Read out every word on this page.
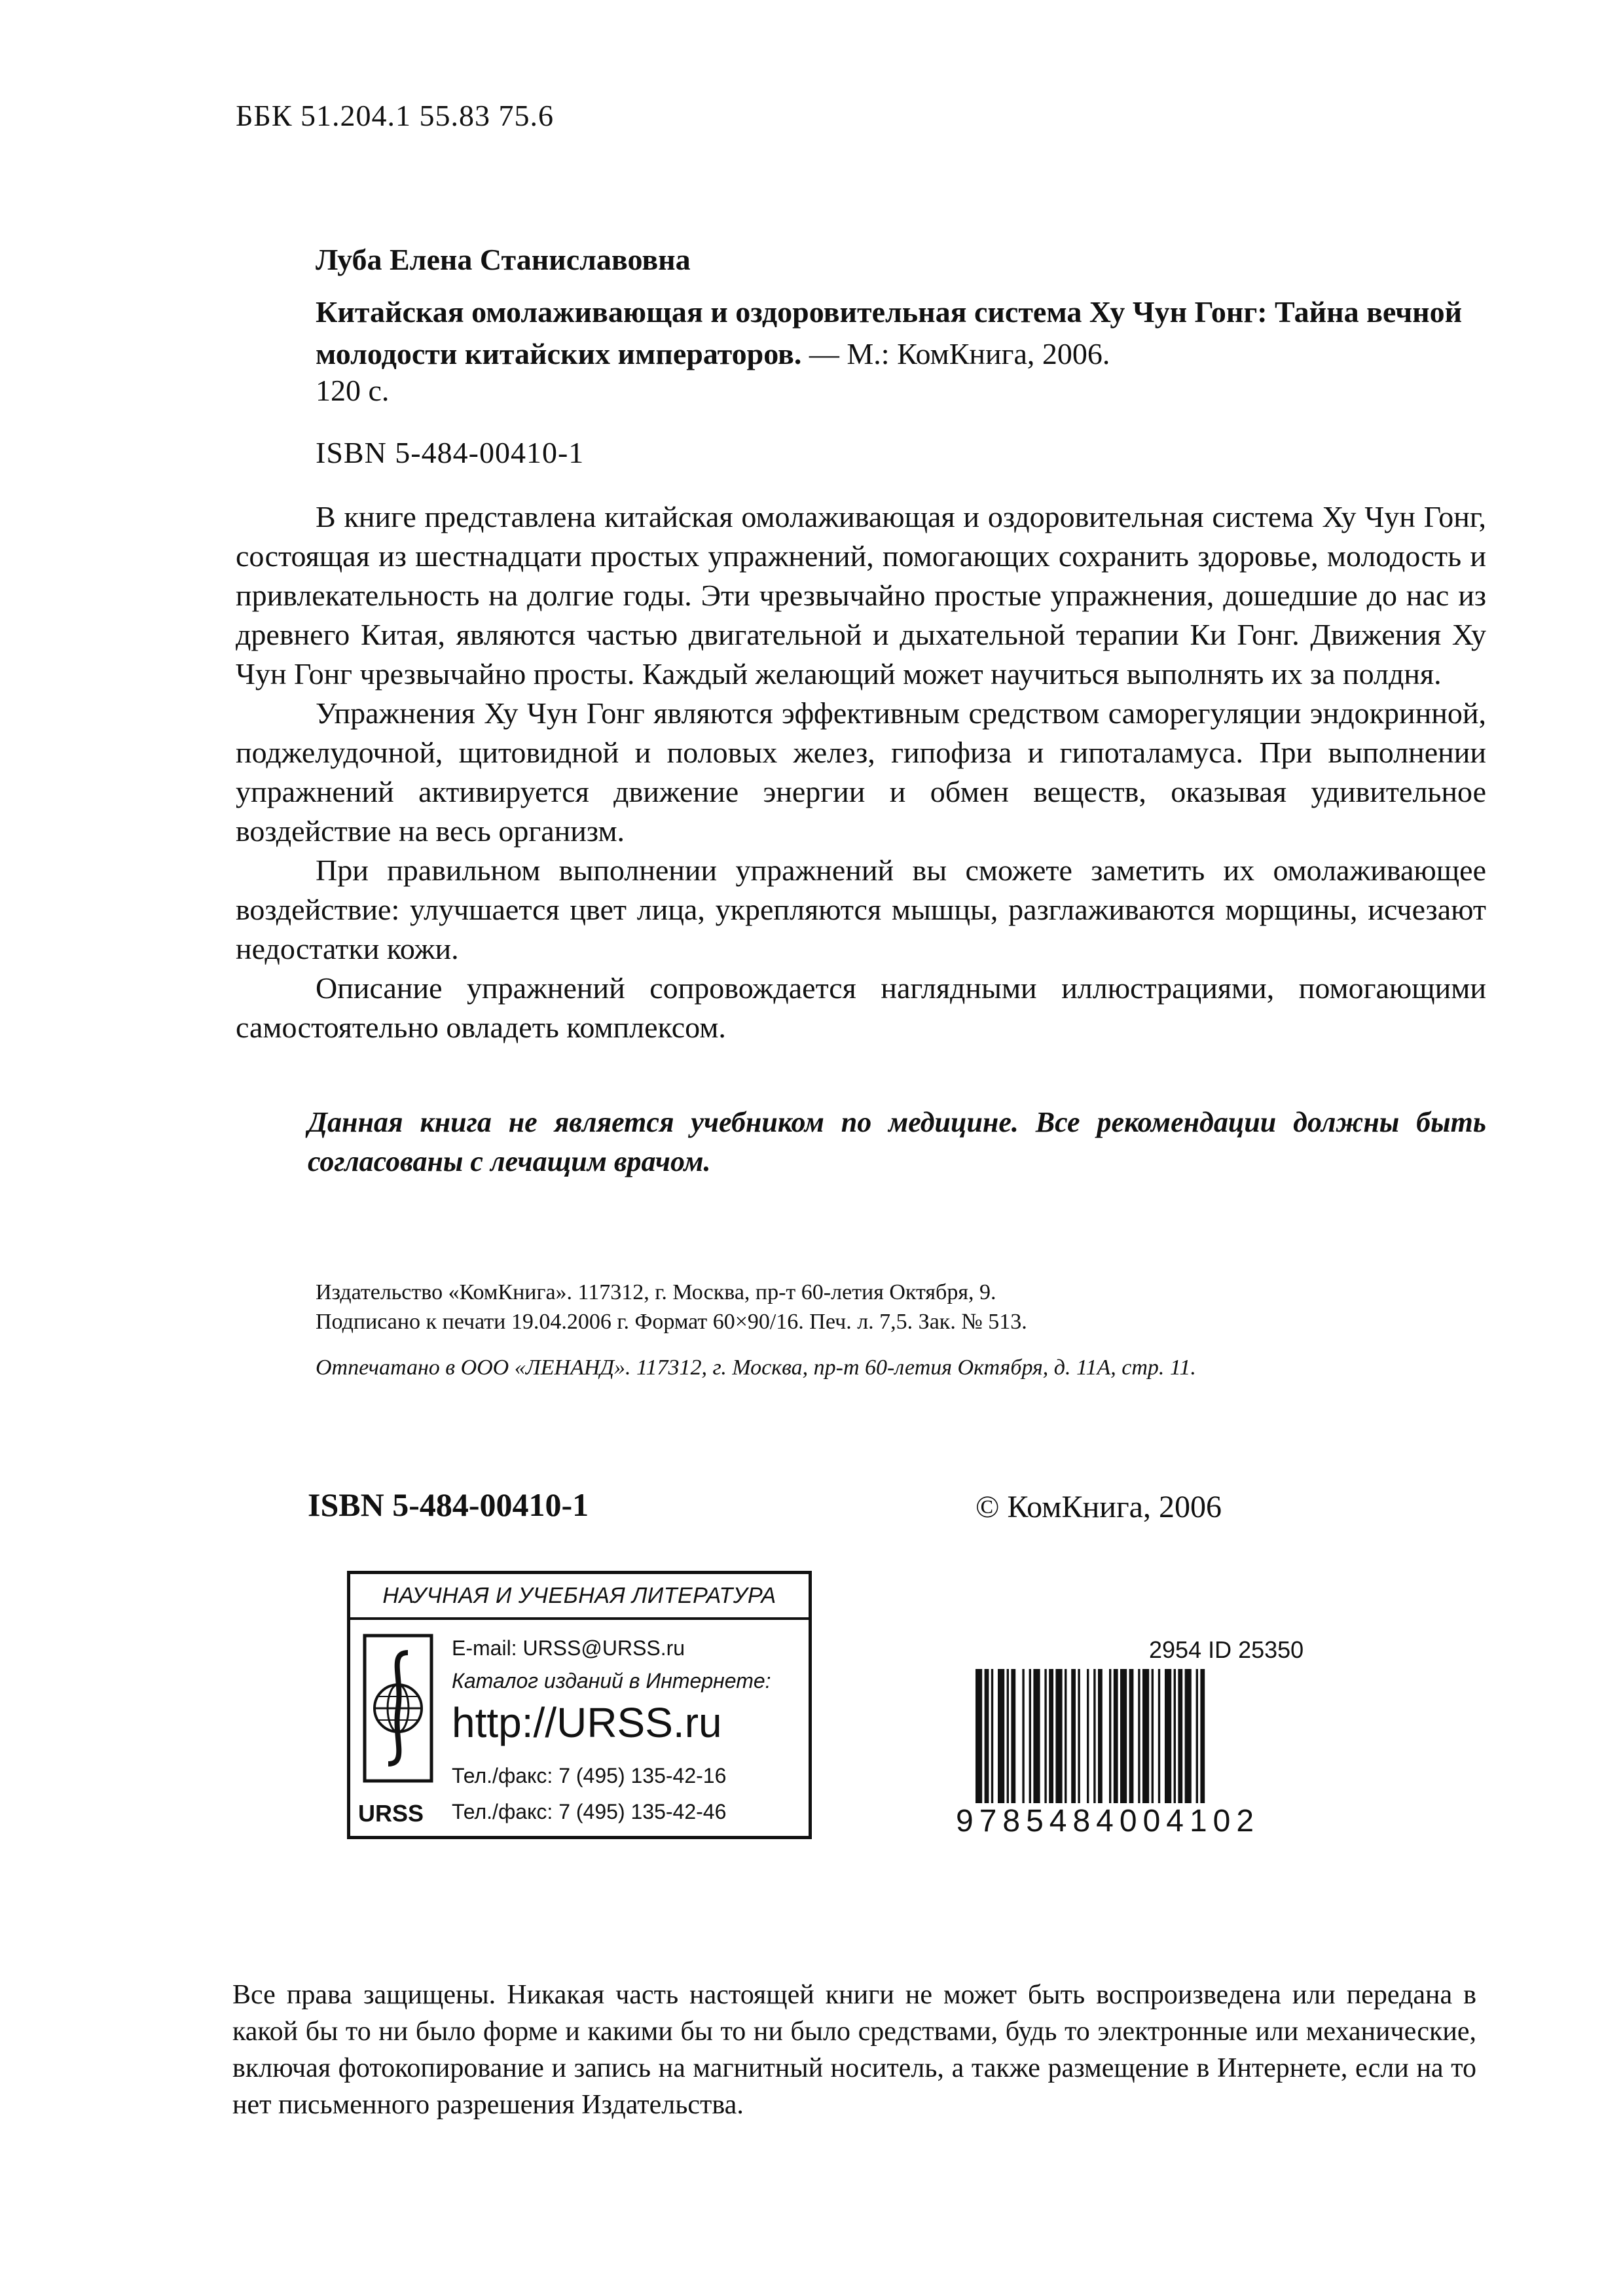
ББК 51.204.1 55.83 75.6
Луба Елена Станиславовна
Китайская омолаживающая и оздоровительная система Ху Чун Гонг: Тайна вечной молодости китайских императоров. — М.: КомКнига, 2006.
120 с.
ISBN 5-484-00410-1

В книге представлена китайская омолаживающая и оздоровительная система Ху Чун Гонг, состоящая из шестнадцати простых упражнений, помогающих сохранить здоровье, молодость и привлекательность на долгие годы. Эти чрезвычайно простые упражнения, дошедшие до нас из древнего Китая, являются частью двигательной и дыхательной терапии Ки Гонг. Движения Ху Чун Гонг чрезвычайно просты. Каждый желающий может научиться выполнять их за полдня.

Упражнения Ху Чун Гонг являются эффективным средством саморегуляции эндокринной, поджелудочной, щитовидной и половых желез, гипофиза и гипоталамуса. При выполнении упражнений активируется движение энергии и обмен веществ, оказывая удивительное воздействие на весь организм.

При правильном выполнении упражнений вы сможете заметить их омолаживающее воздействие: улучшается цвет лица, укрепляются мышцы, разглаживаются морщины, исчезают недостатки кожи.

Описание упражнений сопровождается наглядными иллюстрациями, помогающими самостоятельно овладеть комплексом.

Данная книга не является учебником по медицине. Все рекомендации должны быть согласованы с лечащим врачом.
Издательство «КомКнига». 117312, г. Москва, пр-т 60-летия Октября, 9.
Подписано к печати 19.04.2006 г. Формат 60×90/16. Печ. л. 7,5. Зак. № 513.
Отпечатано в ООО «ЛЕНАНД». 117312, г. Москва, пр-т 60-летия Октября, д. 11А, стр. 11.
ISBN 5-484-00410-1	© КомКнига, 2006
НАУЧНАЯ И УЧЕБНАЯ ЛИТЕРАТУРА
URSS
E-mail: URSS@URSS.ru
Каталог изданий в Интернете:
http://URSS.ru
Тел./факс: 7 (495) 135-42-16
Тел./факс: 7 (495) 135-42-46
2954 ID 25350
9785484004102
Все права защищены. Никакая часть настоящей книги не может быть воспроизведена или передана в какой бы то ни было форме и какими бы то ни было средствами, будь то электронные или механические, включая фотокопирование и запись на магнитный носитель, а также размещение в Интернете, если на то нет письменного разрешения Издательства.
